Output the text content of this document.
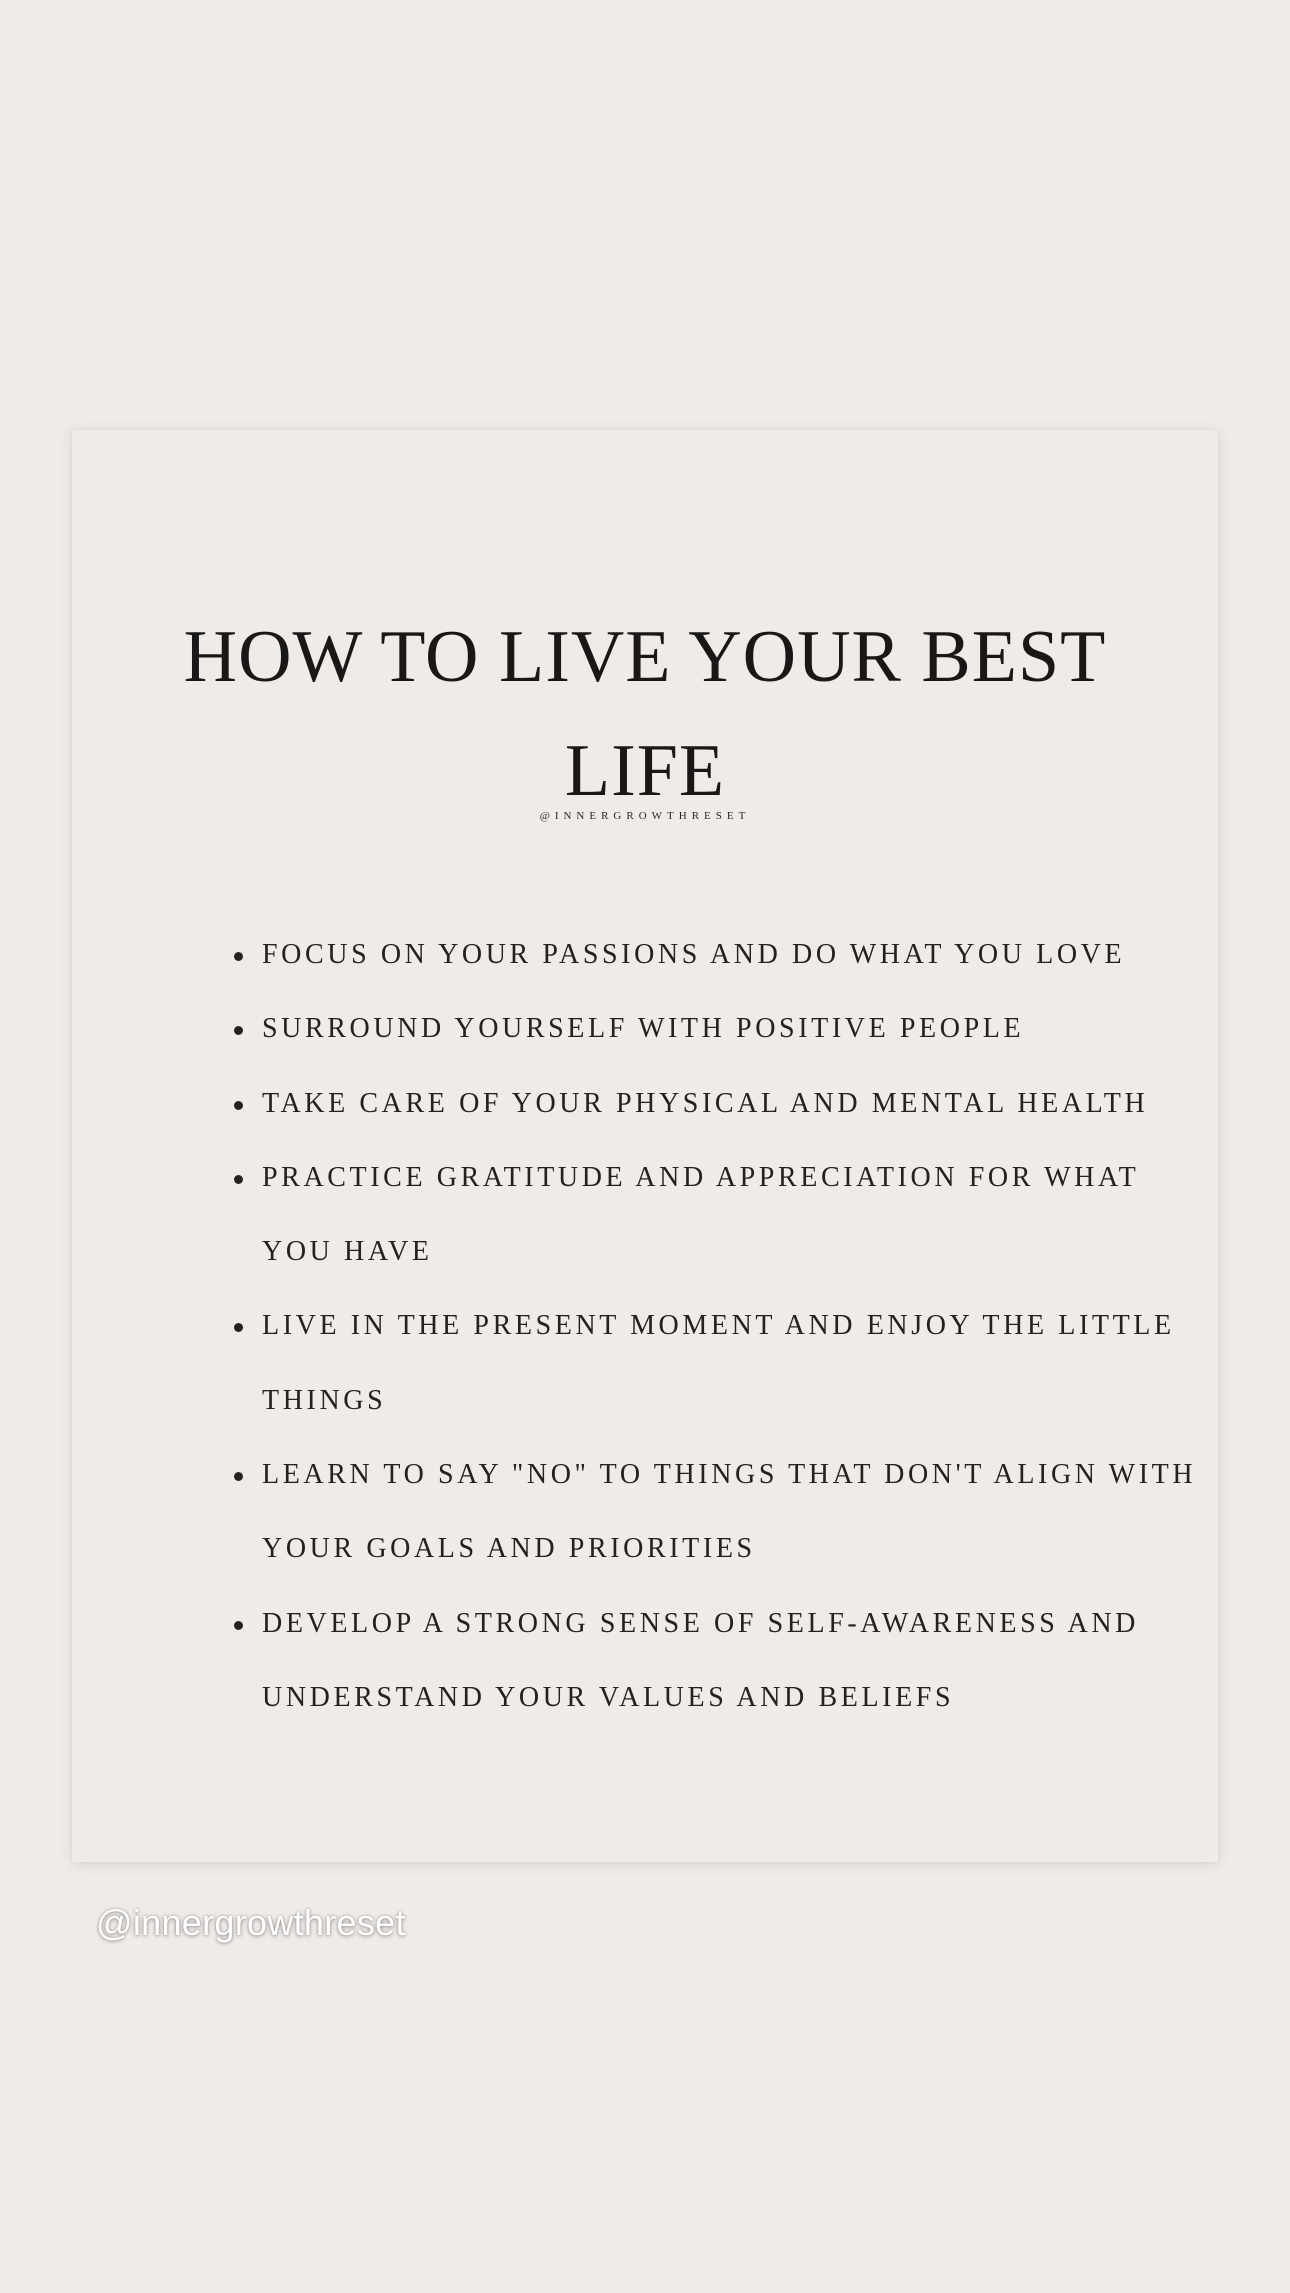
HOW TO LIVE YOUR BEST LIFE
@INNERGROWTHRESET
FOCUS ON YOUR PASSIONS AND DO WHAT YOU LOVE
SURROUND YOURSELF WITH POSITIVE PEOPLE
TAKE CARE OF YOUR PHYSICAL AND MENTAL HEALTH
PRACTICE GRATITUDE AND APPRECIATION FOR WHAT YOU HAVE
LIVE IN THE PRESENT MOMENT AND ENJOY THE LITTLE THINGS
LEARN TO SAY "NO" TO THINGS THAT DON'T ALIGN WITH YOUR GOALS AND PRIORITIES
DEVELOP A STRONG SENSE OF SELF-AWARENESS AND UNDERSTAND YOUR VALUES AND BELIEFS
@innergrowthreset
